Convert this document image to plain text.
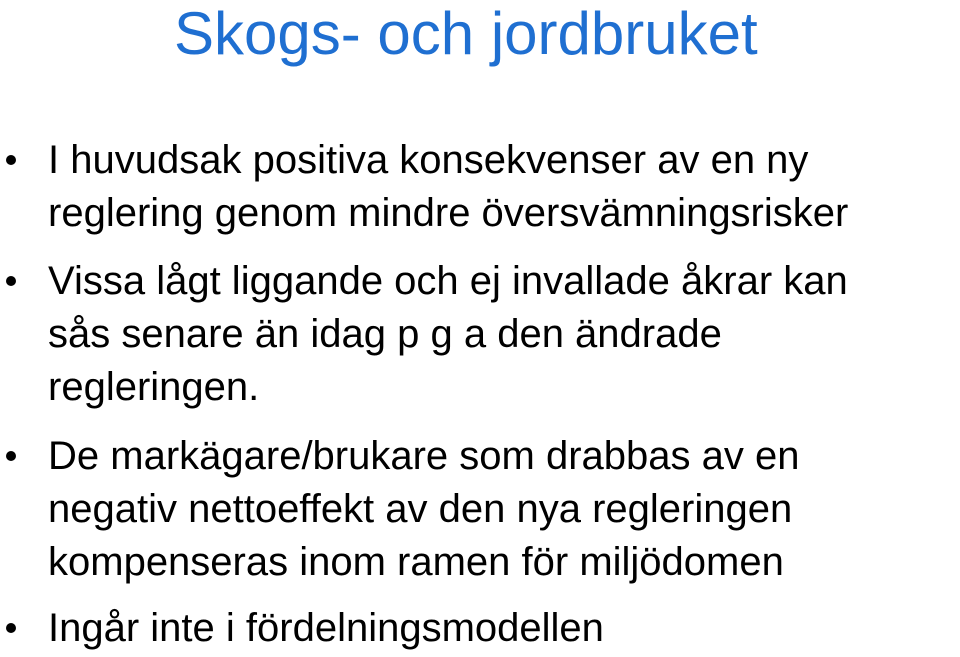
Skogs- och jordbruket
I huvudsak positiva konsekvenser av en ny
reglering genom mindre översvämningsrisker
Vissa lågt liggande och ej invallade åkrar kan
sås senare än idag p g a den ändrade
regleringen.
De markägare/brukare som drabbas av en
negativ nettoeffekt av den nya regleringen
kompenseras inom ramen för miljödomen
Ingår inte i fördelningsmodellen
